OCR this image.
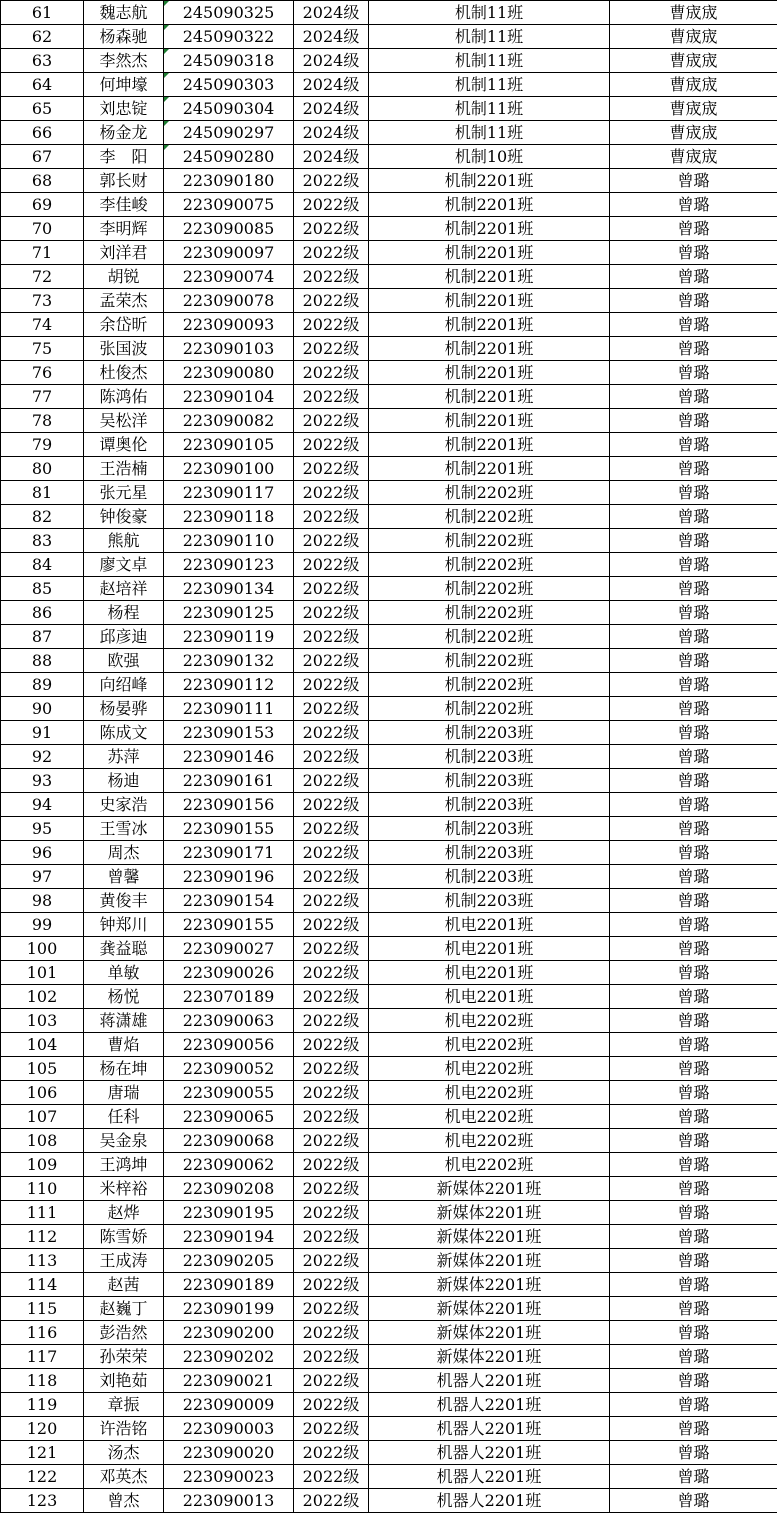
61	魏志航	245090325	2024级	机制11班	曹宬宬
62	杨森驰	245090322	2024级	机制11班	曹宬宬
63	李然杰	245090318	2024级	机制11班	曹宬宬
64	何坤壕	245090303	2024级	机制11班	曹宬宬
65	刘忠锭	245090304	2024级	机制11班	曹宬宬
66	杨金龙	245090297	2024级	机制11班	曹宬宬
67	李　阳	245090280	2024级	机制10班	曹宬宬
68	郭长财	223090180	2022级	机制2201班	曾璐
69	李佳峻	223090075	2022级	机制2201班	曾璐
70	李明辉	223090085	2022级	机制2201班	曾璐
71	刘洋君	223090097	2022级	机制2201班	曾璐
72	胡锐	223090074	2022级	机制2201班	曾璐
73	孟荣杰	223090078	2022级	机制2201班	曾璐
74	余岱昕	223090093	2022级	机制2201班	曾璐
75	张国波	223090103	2022级	机制2201班	曾璐
76	杜俊杰	223090080	2022级	机制2201班	曾璐
77	陈鸿佑	223090104	2022级	机制2201班	曾璐
78	吴松洋	223090082	2022级	机制2201班	曾璐
79	谭奥伦	223090105	2022级	机制2201班	曾璐
80	王浩楠	223090100	2022级	机制2201班	曾璐
81	张元星	223090117	2022级	机制2202班	曾璐
82	钟俊豪	223090118	2022级	机制2202班	曾璐
83	熊航	223090110	2022级	机制2202班	曾璐
84	廖文卓	223090123	2022级	机制2202班	曾璐
85	赵培祥	223090134	2022级	机制2202班	曾璐
86	杨程	223090125	2022级	机制2202班	曾璐
87	邱彦迪	223090119	2022级	机制2202班	曾璐
88	欧强	223090132	2022级	机制2202班	曾璐
89	向绍峰	223090112	2022级	机制2202班	曾璐
90	杨晏骅	223090111	2022级	机制2202班	曾璐
91	陈成文	223090153	2022级	机制2203班	曾璐
92	苏萍	223090146	2022级	机制2203班	曾璐
93	杨迪	223090161	2022级	机制2203班	曾璐
94	史家浩	223090156	2022级	机制2203班	曾璐
95	王雪冰	223090155	2022级	机制2203班	曾璐
96	周杰	223090171	2022级	机制2203班	曾璐
97	曾馨	223090196	2022级	机制2203班	曾璐
98	黄俊丰	223090154	2022级	机制2203班	曾璐
99	钟郑川	223090155	2022级	机电2201班	曾璐
100	龚益聪	223090027	2022级	机电2201班	曾璐
101	单敏	223090026	2022级	机电2201班	曾璐
102	杨悦	223070189	2022级	机电2201班	曾璐
103	蒋潇雄	223090063	2022级	机电2202班	曾璐
104	曹焰	223090056	2022级	机电2202班	曾璐
105	杨在坤	223090052	2022级	机电2202班	曾璐
106	唐瑞	223090055	2022级	机电2202班	曾璐
107	任科	223090065	2022级	机电2202班	曾璐
108	吴金泉	223090068	2022级	机电2202班	曾璐
109	王鸿坤	223090062	2022级	机电2202班	曾璐
110	米梓裕	223090208	2022级	新媒体2201班	曾璐
111	赵烨	223090195	2022级	新媒体2201班	曾璐
112	陈雪娇	223090194	2022级	新媒体2201班	曾璐
113	王成涛	223090205	2022级	新媒体2201班	曾璐
114	赵茜	223090189	2022级	新媒体2201班	曾璐
115	赵巍丁	223090199	2022级	新媒体2201班	曾璐
116	彭浩然	223090200	2022级	新媒体2201班	曾璐
117	孙荣荣	223090202	2022级	新媒体2201班	曾璐
118	刘艳茹	223090021	2022级	机器人2201班	曾璐
119	章振	223090009	2022级	机器人2201班	曾璐
120	许浩铭	223090003	2022级	机器人2201班	曾璐
121	汤杰	223090020	2022级	机器人2201班	曾璐
122	邓英杰	223090023	2022级	机器人2201班	曾璐
123	曾杰	223090013	2022级	机器人2201班	曾璐
